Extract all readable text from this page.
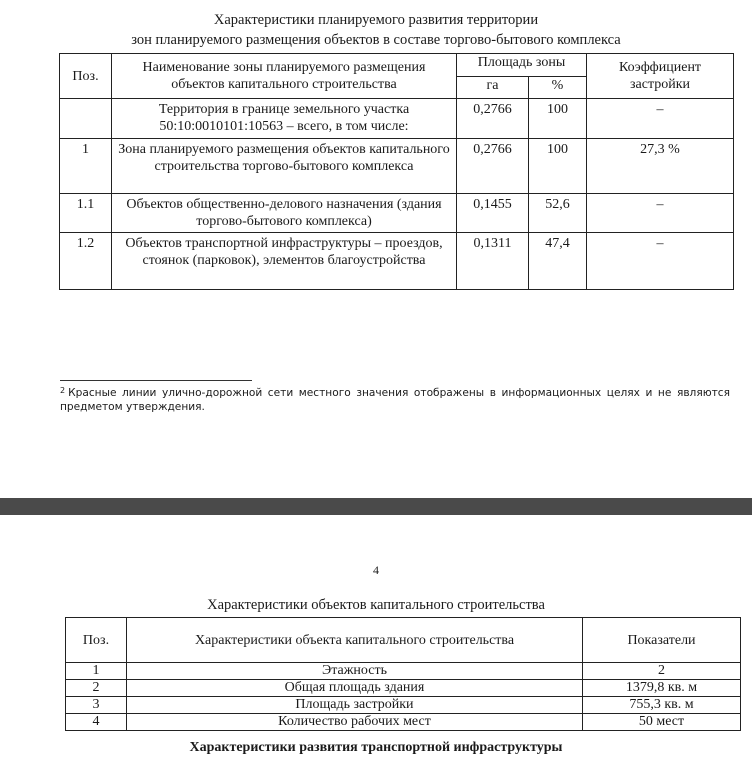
Характеристики планируемого развития территории
зон планируемого размещения объектов в составе торгово-бытового комплекса
Поз.	Наименование зоны планируемого размещения объектов капитального строительства	Площадь зоны		Коэффициент застройки
		га	%	
	Территория в границе земельного участка 50:10:0010101:10563 – всего, в том числе:	0,2766	100	–
1	Зона планируемого размещения объектов капитального строительства торгово-бытового комплекса	0,2766	100	27,3 %
1.1	Объектов общественно-делового назначения (здания торгово-бытового комплекса)	0,1455	52,6	–
1.2	Объектов транспортной инфраструктуры – проездов, стоянок (парковок), элементов благоустройства	0,1311	47,4	–
$^2$ Красные линии улично-дорожной сети местного значения отображены в информационных целях и не являются предметом утверждения.
4
Характеристики объектов капитального строительства
Поз.	Характеристики объекта капитального строительства	Показатели
1	Этажность	2
2	Общая площадь здания	1379,8 кв. м
3	Площадь застройки	755,3 кв. м
4	Количество рабочих мест	50 мест
Характеристики развития транспортной инфраструктуры
